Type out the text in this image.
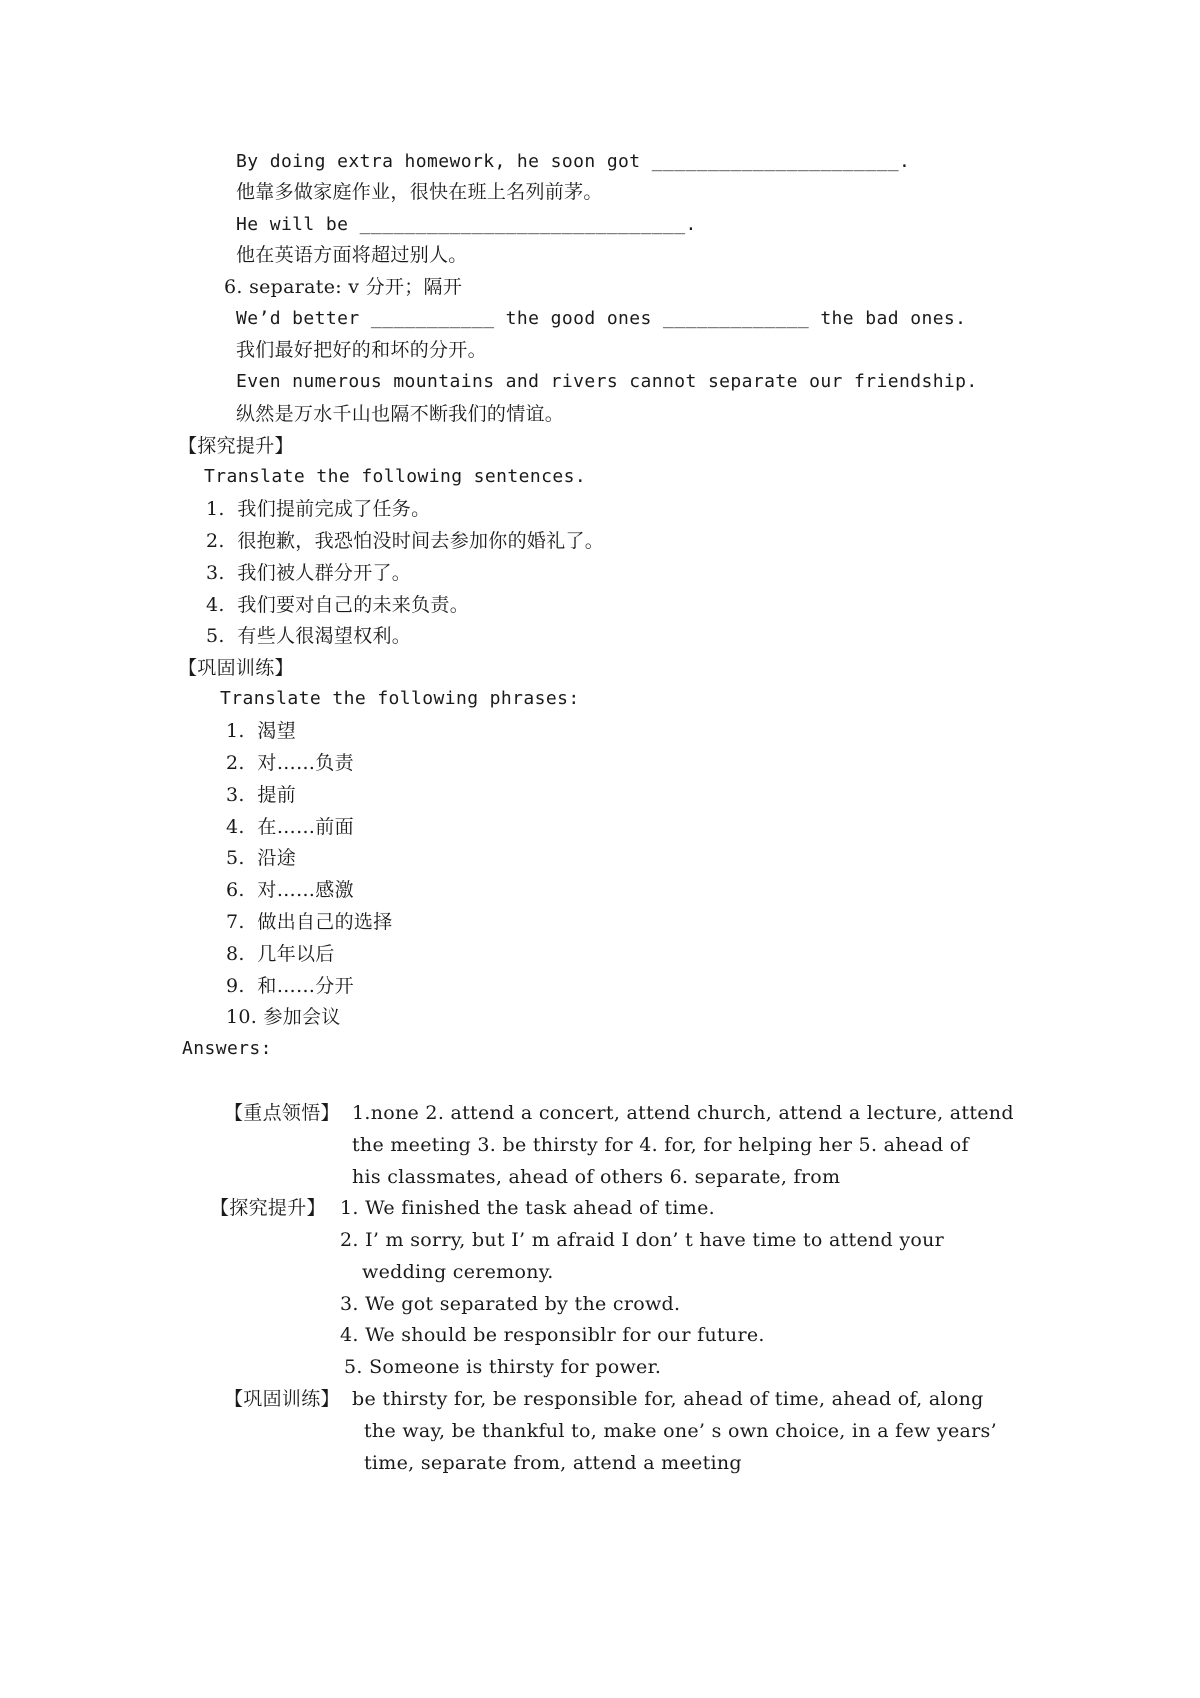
By doing extra homework, he soon got ______________________.
他靠多做家庭作业，很快在班上名列前茅。
He will be _____________________________.
他在英语方面将超过别人。
6. separate: v 分开；隔开
We’d better ___________ the good ones _____________ the bad ones.
我们最好把好的和坏的分开。
Even numerous mountains and rivers cannot separate our friendship.
纵然是万水千山也隔不断我们的情谊。
【探究提升】
Translate the following sentences.
1.  我们提前完成了任务。
2.  很抱歉，我恐怕没时间去参加你的婚礼了。
3.  我们被人群分开了。
4.  我们要对自己的未来负责。
5.  有些人很渴望权利。
【巩固训练】
Translate the following phrases:
1.  渴望
2.  对……负责
3.  提前
4.  在……前面
5.  沿途
6.  对……感激
7.  做出自己的选择
8.  几年以后
9.  和……分开
10. 参加会议
Answers:
【重点领悟】 1.none 2. attend a concert, attend church, attend a lecture, attend
the meeting 3. be thirsty for 4. for, for helping her 5. ahead of
his classmates, ahead of others 6. separate, from
【探究提升】 1. We finished the task ahead of time.
2. I’ m sorry, but I’ m afraid I don’ t have time to attend your
wedding ceremony.
3. We got separated by the crowd.
4. We should be responsiblr for our future.
5. Someone is thirsty for power.
【巩固训练】 be thirsty for, be responsible for, ahead of time, ahead of, along
the way, be thankful to, make one’ s own choice, in a few years’
time, separate from, attend a meeting
